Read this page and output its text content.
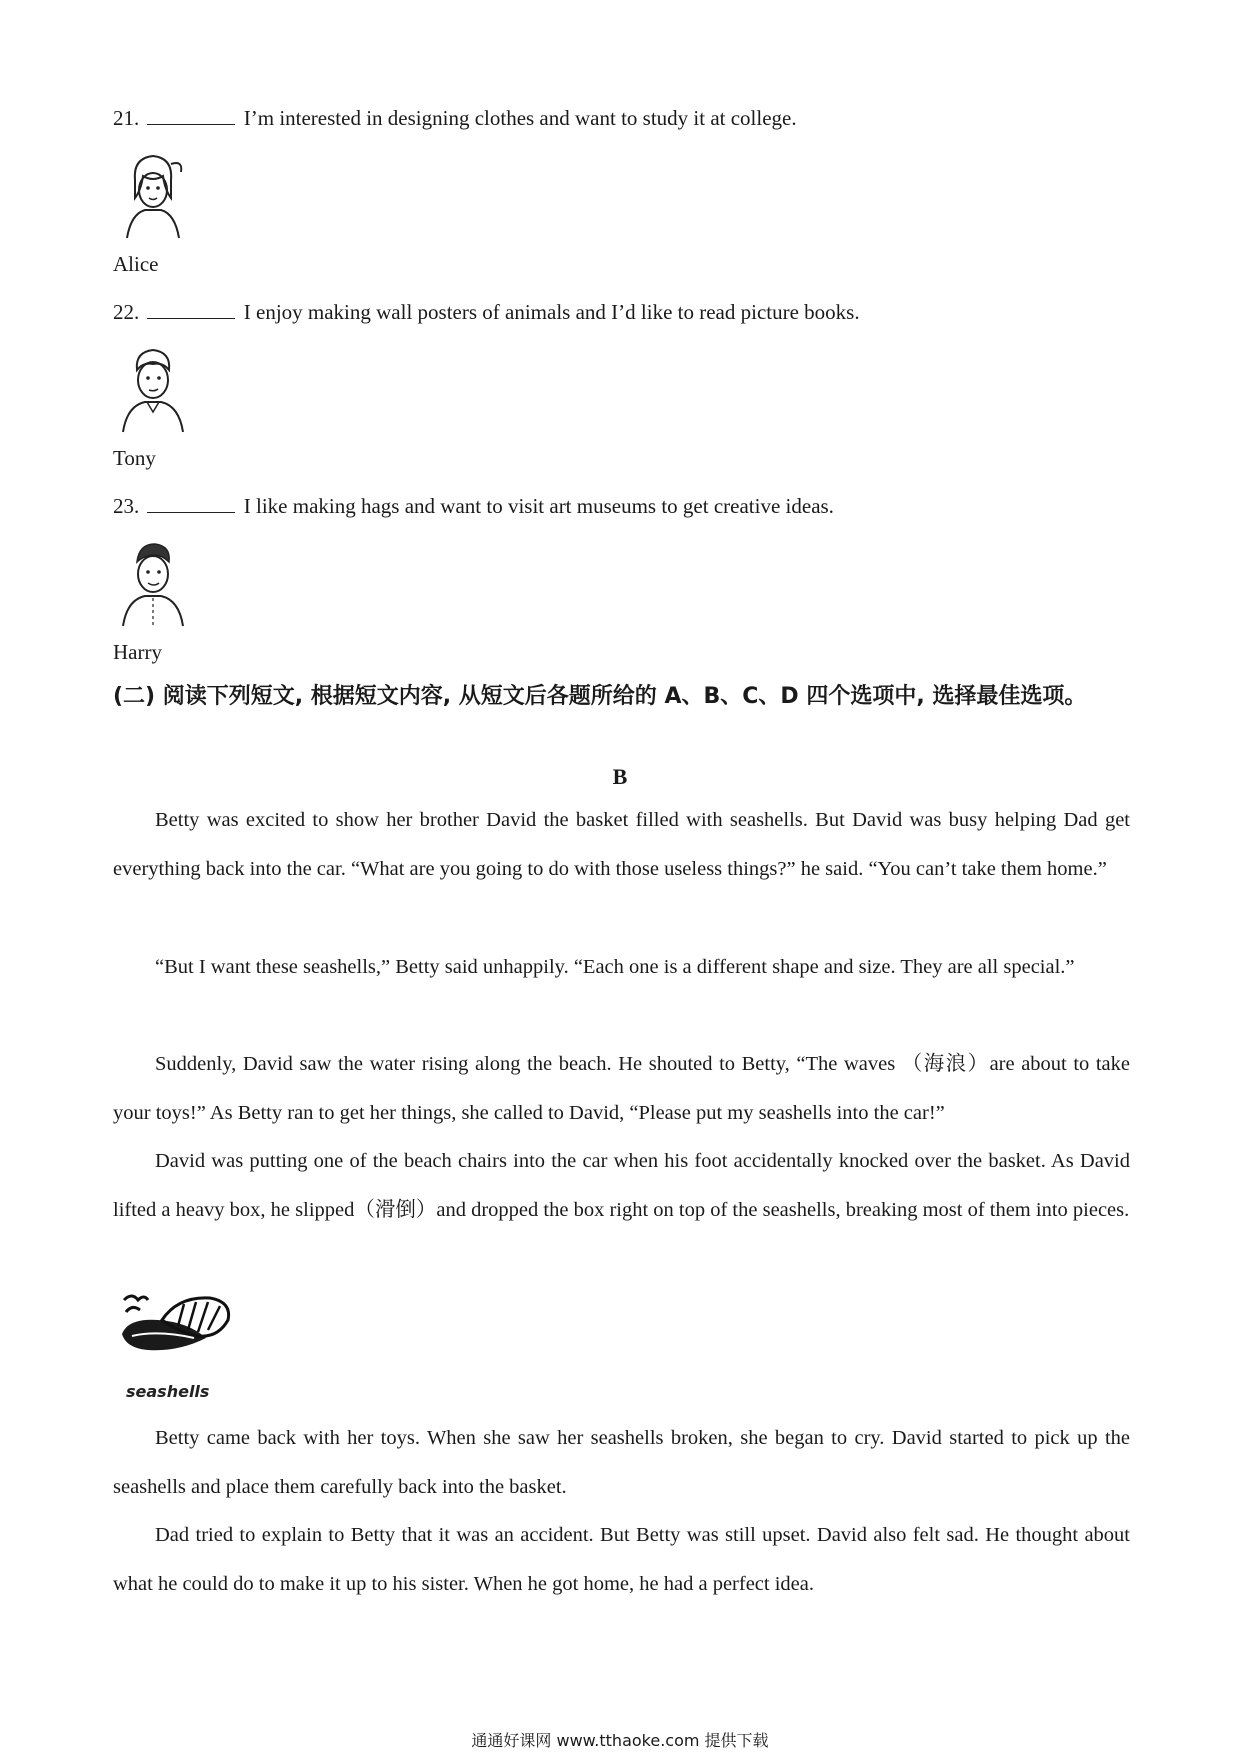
21.	I’m interested in designing clothes and want to study it at college.
Alice
22.	I enjoy making wall posters of animals and I’d like to read picture books.
Tony
23.	I like making hags and want to visit art museums to get creative ideas.
Harry
(二) 阅读下列短文, 根据短文内容, 从短文后各题所给的 A、B、C、D 四个选项中, 选择最佳选项。
B
Betty was excited to show her brother David the basket filled with seashells. But David was busy helping Dad get everything back into the car. “What are you going to do with those useless things?” he said. “You can’t take them home.”
“But I want these seashells,” Betty said unhappily. “Each one is a different shape and size. They are all special.”
Suddenly, David saw the water rising along the beach. He shouted to Betty, “The waves （海浪）are about to take your toys!” As Betty ran to get her things, she called to David, “Please put my seashells into the car!”
David was putting one of the beach chairs into the car when his foot accidentally knocked over the basket. As David lifted a heavy box, he slipped（滑倒）and dropped the box right on top of the seashells, breaking most of them into pieces.
seashells
Betty came back with her toys. When she saw her seashells broken, she began to cry. David started to pick up the seashells and place them carefully back into the basket.
Dad tried to explain to Betty that it was an accident. But Betty was still upset. David also felt sad. He thought about what he could do to make it up to his sister. When he got home, he had a perfect idea.
通通好课网 www.tthaoke.com 提供下载
